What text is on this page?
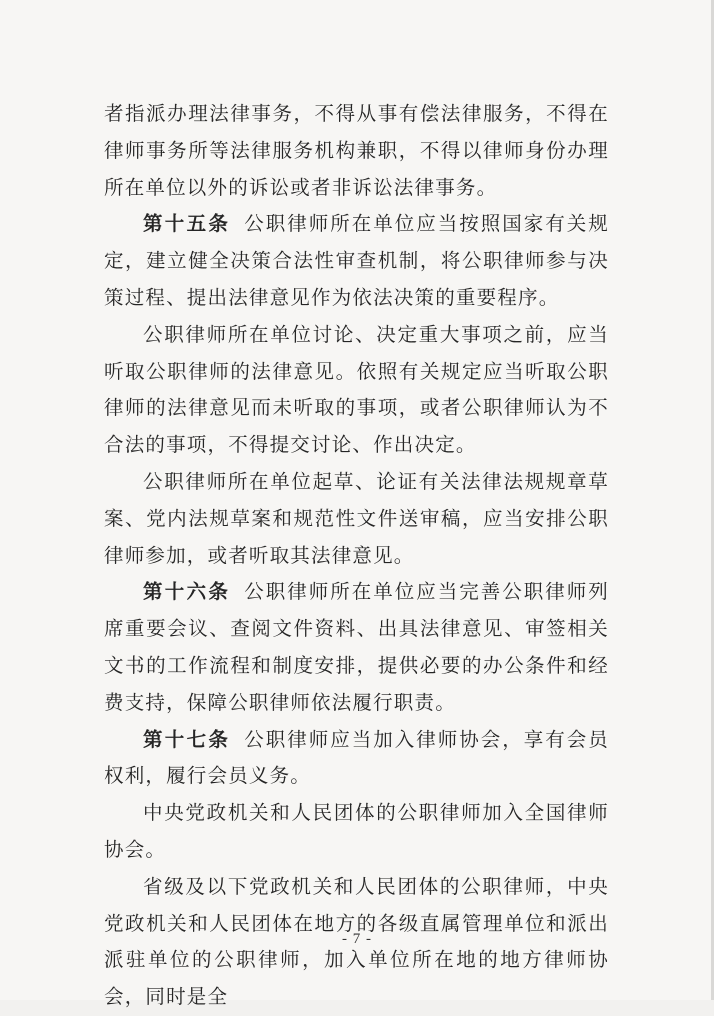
者指派办理法律事务，不得从事有偿法律服务，不得在律师事务所等法律服务机构兼职，不得以律师身份办理所在单位以外的诉讼或者非诉讼法律事务。

第十五条 公职律师所在单位应当按照国家有关规定，建立健全决策合法性审查机制，将公职律师参与决策过程、提出法律意见作为依法决策的重要程序。

公职律师所在单位讨论、决定重大事项之前，应当听取公职律师的法律意见。依照有关规定应当听取公职律师的法律意见而未听取的事项，或者公职律师认为不合法的事项，不得提交讨论、作出决定。

公职律师所在单位起草、论证有关法律法规规章草案、党内法规草案和规范性文件送审稿，应当安排公职律师参加，或者听取其法律意见。

第十六条 公职律师所在单位应当完善公职律师列席重要会议、查阅文件资料、出具法律意见、审签相关文书的工作流程和制度安排，提供必要的办公条件和经费支持，保障公职律师依法履行职责。

第十七条 公职律师应当加入律师协会，享有会员权利，履行会员义务。

中央党政机关和人民团体的公职律师加入全国律师协会。

省级及以下党政机关和人民团体的公职律师，中央党政机关和人民团体在地方的各级直属管理单位和派出派驻单位的公职律师，加入单位所在地的地方律师协会，同时是全

- 7 -
